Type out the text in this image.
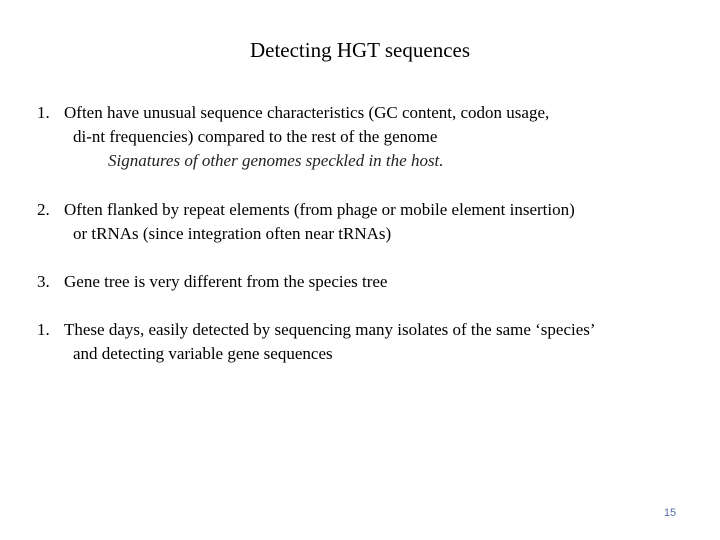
Detecting HGT sequences
1. Often have unusual sequence characteristics (GC content, codon usage,
di-nt frequencies) compared to the rest of the genome
Signatures of other genomes speckled in the host.
2. Often flanked by repeat elements (from phage or mobile element insertion)
or tRNAs (since integration often near tRNAs)
3. Gene tree is very different from the species tree
1. These days, easily detected by sequencing many isolates of the same ‘species’
and detecting variable gene sequences
15
